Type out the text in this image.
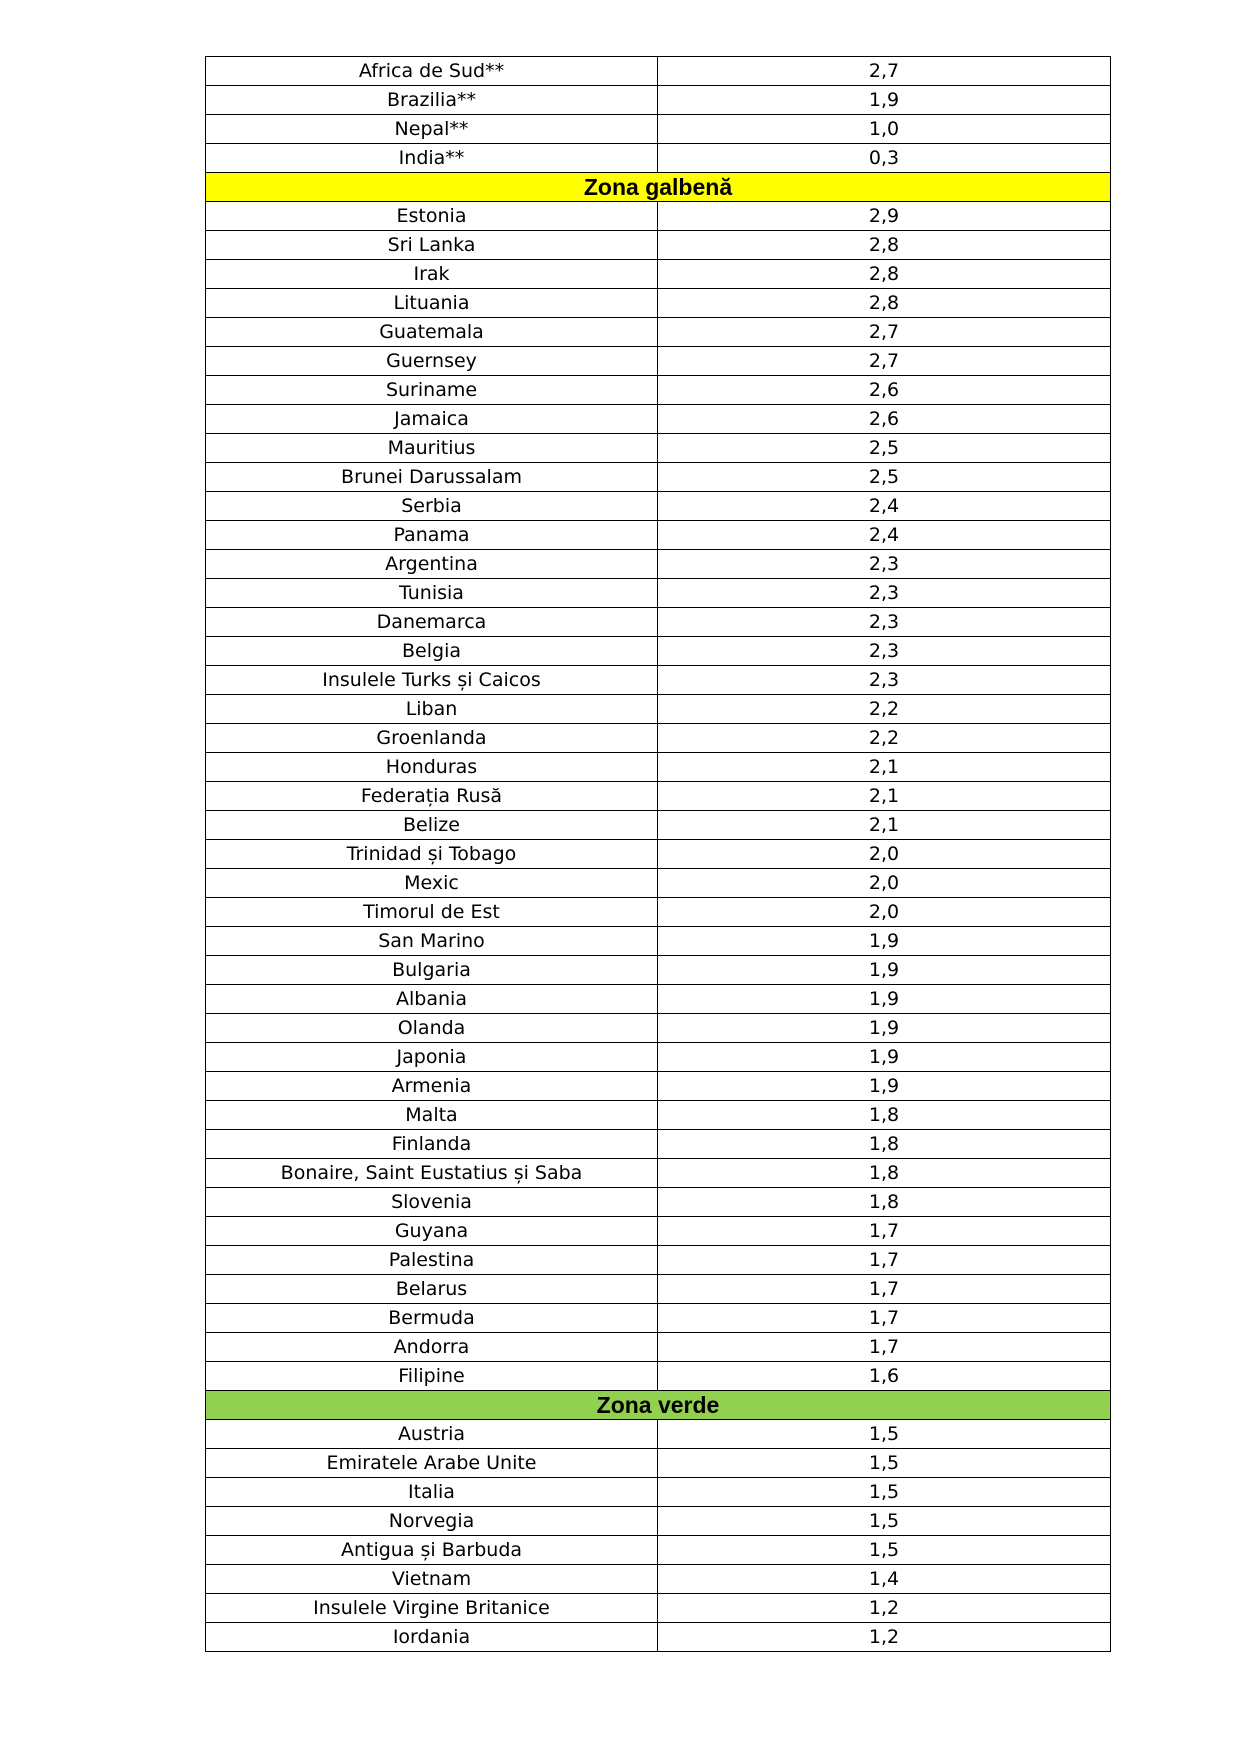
Africa de Sud**	2,7
Brazilia**	1,9
Nepal**	1,0
India**	0,3
Zona galbenă	
Estonia	2,9
Sri Lanka	2,8
Irak	2,8
Lituania	2,8
Guatemala	2,7
Guernsey	2,7
Suriname	2,6
Jamaica	2,6
Mauritius	2,5
Brunei Darussalam	2,5
Serbia	2,4
Panama	2,4
Argentina	2,3
Tunisia	2,3
Danemarca	2,3
Belgia	2,3
Insulele Turks și Caicos	2,3
Liban	2,2
Groenlanda	2,2
Honduras	2,1
Federația Rusă	2,1
Belize	2,1
Trinidad și Tobago	2,0
Mexic	2,0
Timorul de Est	2,0
San Marino	1,9
Bulgaria	1,9
Albania	1,9
Olanda	1,9
Japonia	1,9
Armenia	1,9
Malta	1,8
Finlanda	1,8
Bonaire, Saint Eustatius și Saba	1,8
Slovenia	1,8
Guyana	1,7
Palestina	1,7
Belarus	1,7
Bermuda	1,7
Andorra	1,7
Filipine	1,6
Zona verde	
Austria	1,5
Emiratele Arabe Unite	1,5
Italia	1,5
Norvegia	1,5
Antigua și Barbuda	1,5
Vietnam	1,4
Insulele Virgine Britanice	1,2
Iordania	1,2
